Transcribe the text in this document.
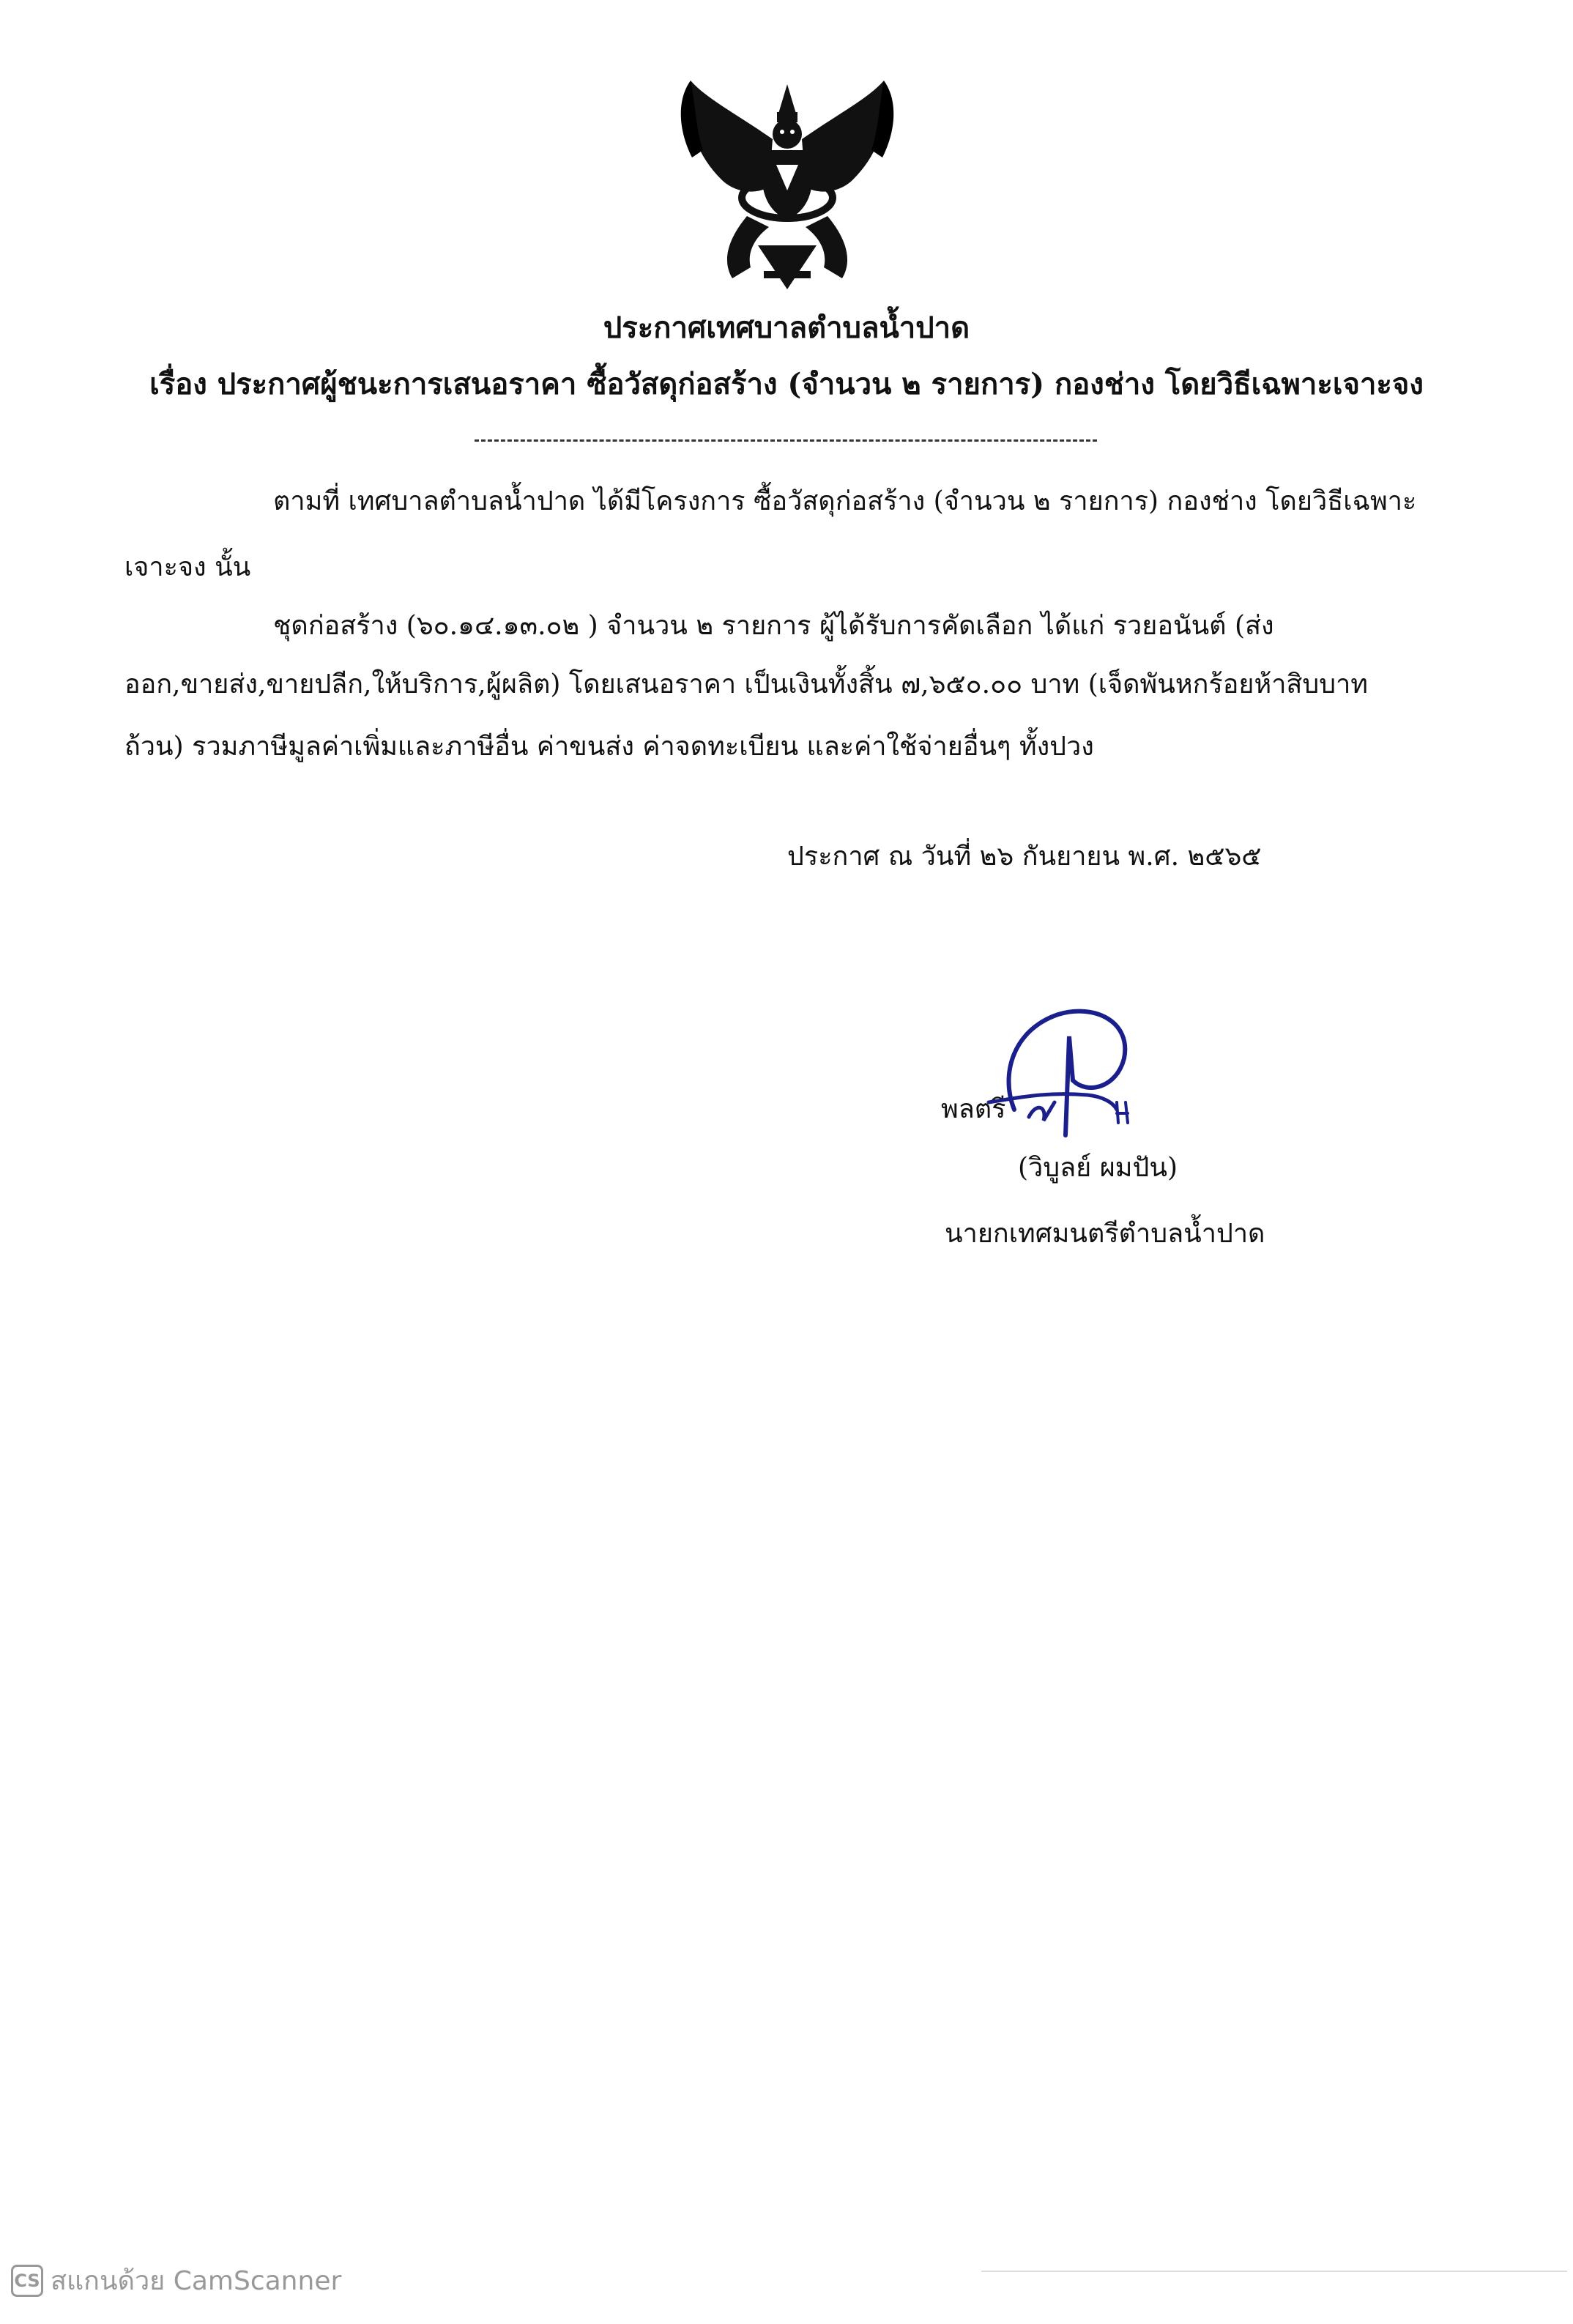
ประกาศเทศบาลตำบลน้ำปาด
เรื่อง ประกาศผู้ชนะการเสนอราคา ซื้อวัสดุก่อสร้าง (จำนวน ๒ รายการ) กองช่าง โดยวิธีเฉพาะเจาะจง
ตามที่ เทศบาลตำบลน้ำปาด ได้มีโครงการ ซื้อวัสดุก่อสร้าง (จำนวน ๒ รายการ) กองช่าง โดยวิธีเฉพาะ
เจาะจง นั้น
ชุดก่อสร้าง (๖๐.๑๔.๑๓.๐๒ ) จำนวน ๒ รายการ ผู้ได้รับการคัดเลือก ได้แก่ รวยอนันต์ (ส่ง
ออก,ขายส่ง,ขายปลีก,ให้บริการ,ผู้ผลิต) โดยเสนอราคา เป็นเงินทั้งสิ้น ๗,๖๕๐.๐๐ บาท (เจ็ดพันหกร้อยห้าสิบบาท
ถ้วน) รวมภาษีมูลค่าเพิ่มและภาษีอื่น ค่าขนส่ง ค่าจดทะเบียน และค่าใช้จ่ายอื่นๆ ทั้งปวง
ประกาศ ณ วันที่ ๒๖ กันยายน พ.ศ. ๒๕๖๕
พลตรี
(วิบูลย์ ผมปัน)
นายกเทศมนตรีตำบลน้ำปาด
CS สแกนด้วย CamScanner
